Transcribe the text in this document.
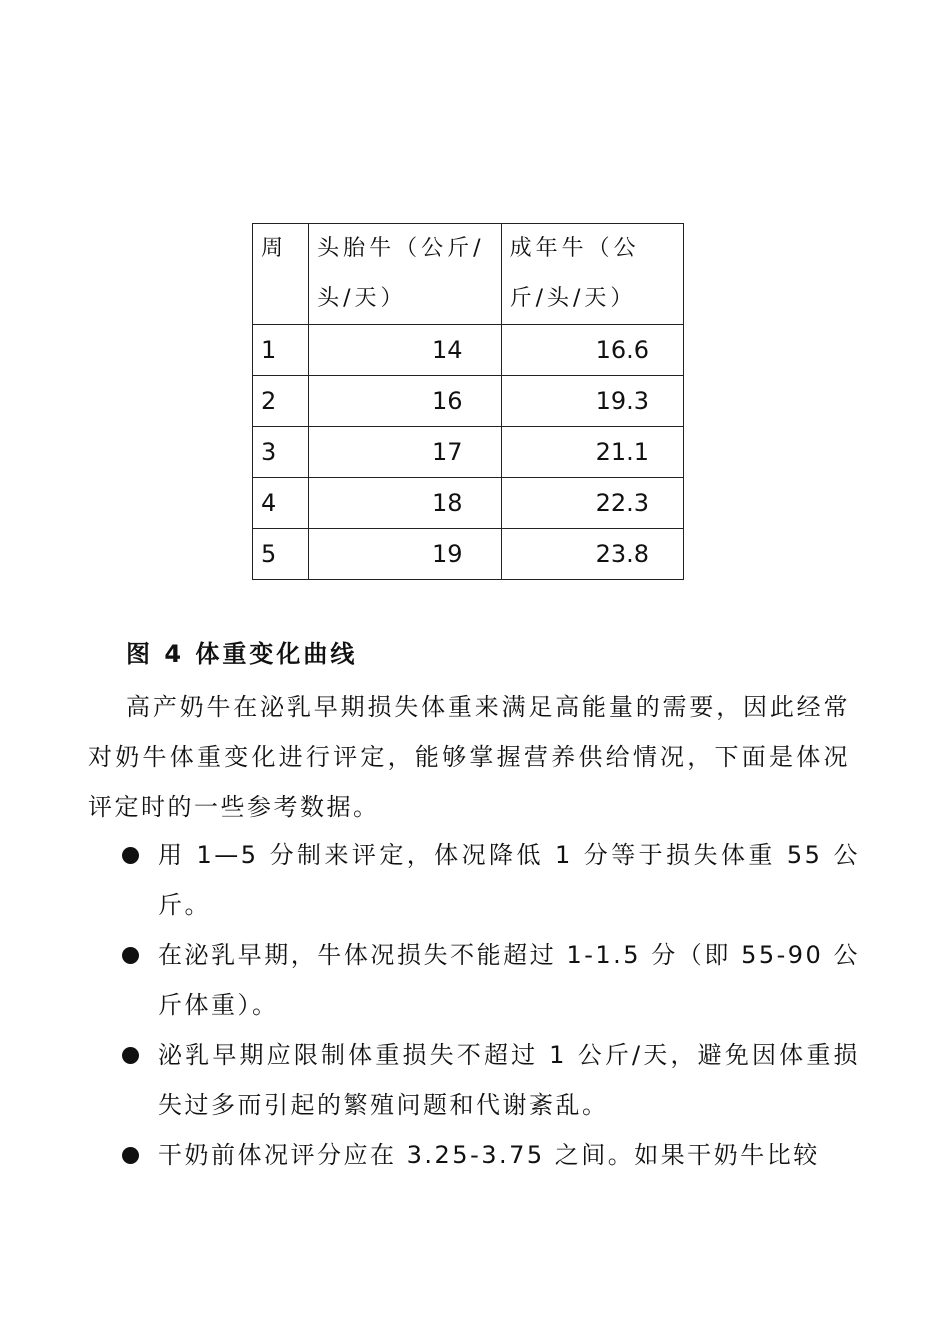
周	头胎牛（公斤/头/天）	成年牛（公斤/头/天）
1	14	16.6
2	16	19.3
3	17	21.1
4	18	22.3
5	19	23.8
图 4 体重变化曲线
高产奶牛在泌乳早期损失体重来满足高能量的需要，因此经常对奶牛体重变化进行评定，能够掌握营养供给情况，下面是体况评定时的一些参考数据。
用 1—5 分制来评定，体况降低 1 分等于损失体重 55 公斤。
在泌乳早期，牛体况损失不能超过 1-1.5 分（即 55-90 公斤体重）。
泌乳早期应限制体重损失不超过 1 公斤/天，避免因体重损失过多而引起的繁殖问题和代谢紊乱。
干奶前体况评分应在 3.25-3.75 之间。如果干奶牛比较
